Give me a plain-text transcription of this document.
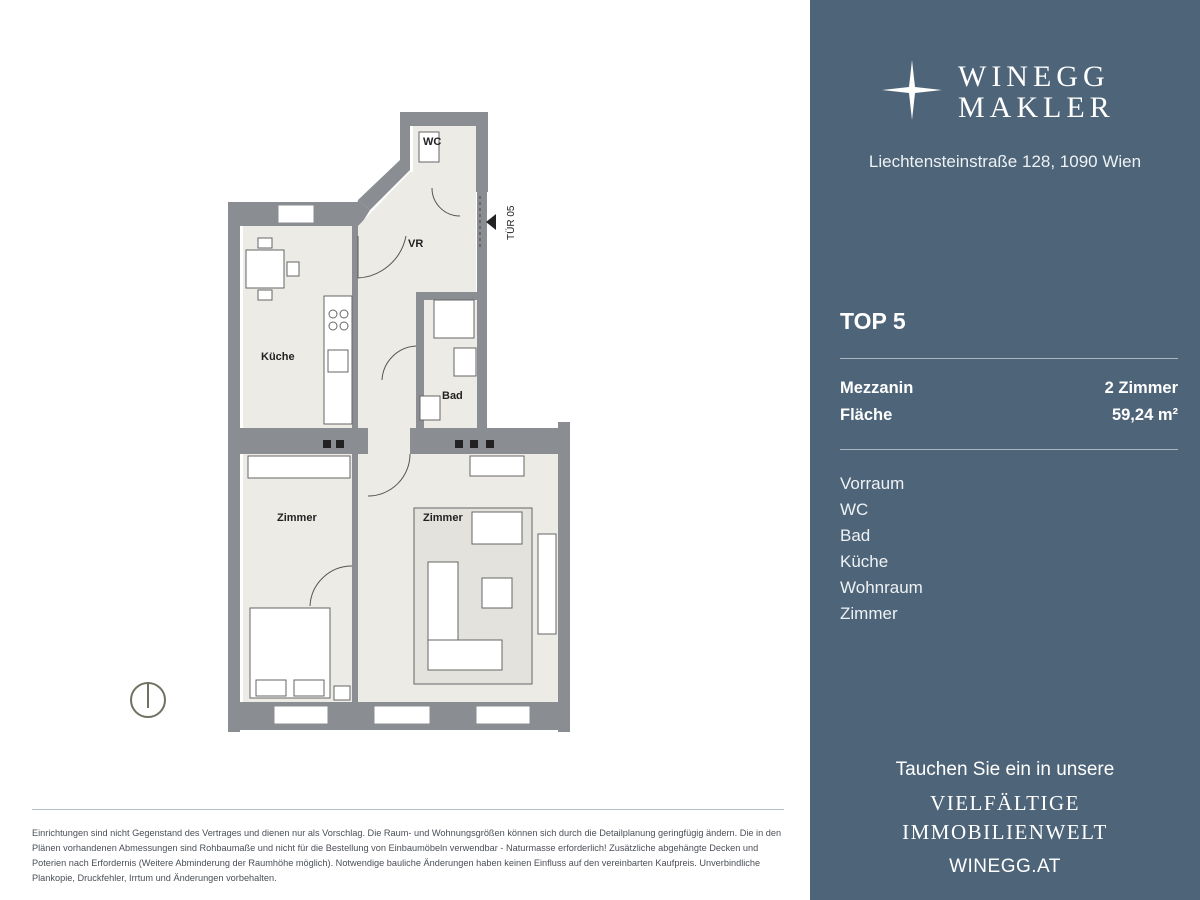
WC
VR
TÜR 05
Küche
Bad
Zimmer	Zimmer

Einrichtungen sind nicht Gegenstand des Vertrages und dienen nur als Vorschlag. Die Raum- und Wohnungsgrößen können sich durch die Detailplanung geringfügig ändern. Die in den Plänen vorhandenen Abmessungen sind Rohbaumaße und nicht für die Bestellung von Einbaumöbeln verwendbar - Naturmasse erforderlich! Zusätzliche abgehängte Decken und Poterien nach Erfordernis (Weitere Abminderung der Raumhöhe möglich). Notwendige bauliche Änderungen haben keinen Einfluss auf den vereinbarten Kaufpreis. Unverbindliche Plankopie, Druckfehler, Irrtum und Änderungen vorbehalten.

WINEGG
MAKLER
Liechtensteinstraße 128, 1090 Wien
TOP 5
Mezzanin	2 Zimmer
Fläche	59,24 m²
Vorraum
WC
Bad
Küche
Wohnraum
Zimmer
Tauchen Sie ein in unsere
VIELFÄLTIGE
IMMOBILIENWELT
WINEGG.AT
